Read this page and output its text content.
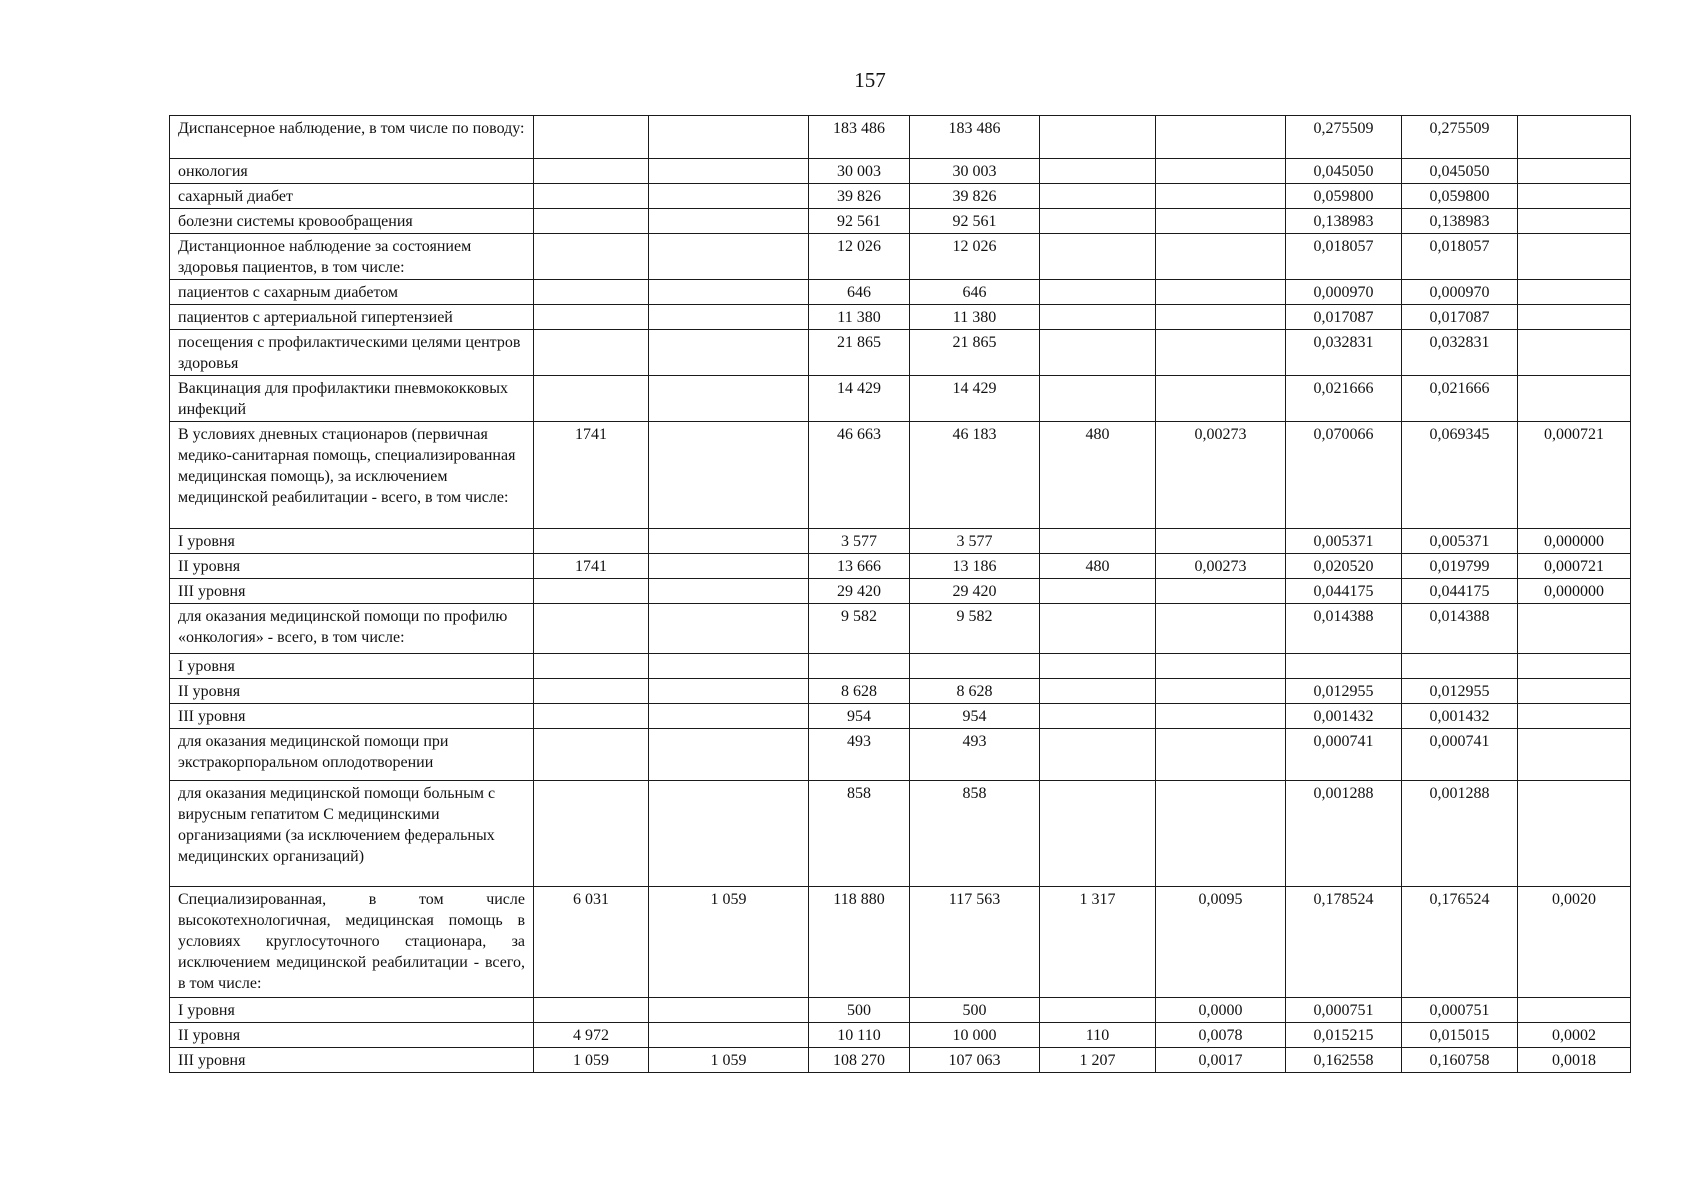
157
Диспансерное наблюдение, в том числе по поводу:			183 486	183 486			0,275509	0,275509	
онкология			30 003	30 003			0,045050	0,045050	
сахарный диабет			39 826	39 826			0,059800	0,059800	
болезни системы кровообращения			92 561	92 561			0,138983	0,138983	
Дистанционное наблюдение за состоянием здоровья пациентов, в том числе:			12 026	12 026			0,018057	0,018057	
пациентов с сахарным диабетом			646	646			0,000970	0,000970	
пациентов с артериальной гипертензией			11 380	11 380			0,017087	0,017087	
посещения с профилактическими целями центров здоровья			21 865	21 865			0,032831	0,032831	
Вакцинация для профилактики пневмококковых инфекций			14 429	14 429			0,021666	0,021666	
В условиях дневных стационаров (первичная медико-санитарная помощь, специализированная медицинская помощь), за исключением медицинской реабилитации - всего, в том числе:	1741		46 663	46 183	480	0,00273	0,070066	0,069345	0,000721
I уровня			3 577	3 577			0,005371	0,005371	0,000000
II уровня	1741		13 666	13 186	480	0,00273	0,020520	0,019799	0,000721
III уровня			29 420	29 420			0,044175	0,044175	0,000000
для оказания медицинской помощи по профилю «онкология» - всего, в том числе:			9 582	9 582			0,014388	0,014388	
I уровня									
II уровня			8 628	8 628			0,012955	0,012955	
III уровня			954	954			0,001432	0,001432	
для оказания медицинской помощи при экстракорпоральном оплодотворении			493	493			0,000741	0,000741	
для оказания медицинской помощи больным с вирусным гепатитом С медицинскими организациями (за исключением федеральных медицинских организаций)			858	858			0,001288	0,001288	
Специализированная, в том числе высокотехнологичная, медицинская помощь в условиях круглосуточного стационара, за исключением медицинской реабилитации - всего, в том числе:	6 031	1 059	118 880	117 563	1 317	0,0095	0,178524	0,176524	0,0020
I уровня			500	500		0,0000	0,000751	0,000751	
II уровня	4 972		10 110	10 000	110	0,0078	0,015215	0,015015	0,0002
III уровня	1 059	1 059	108 270	107 063	1 207	0,0017	0,162558	0,160758	0,0018
